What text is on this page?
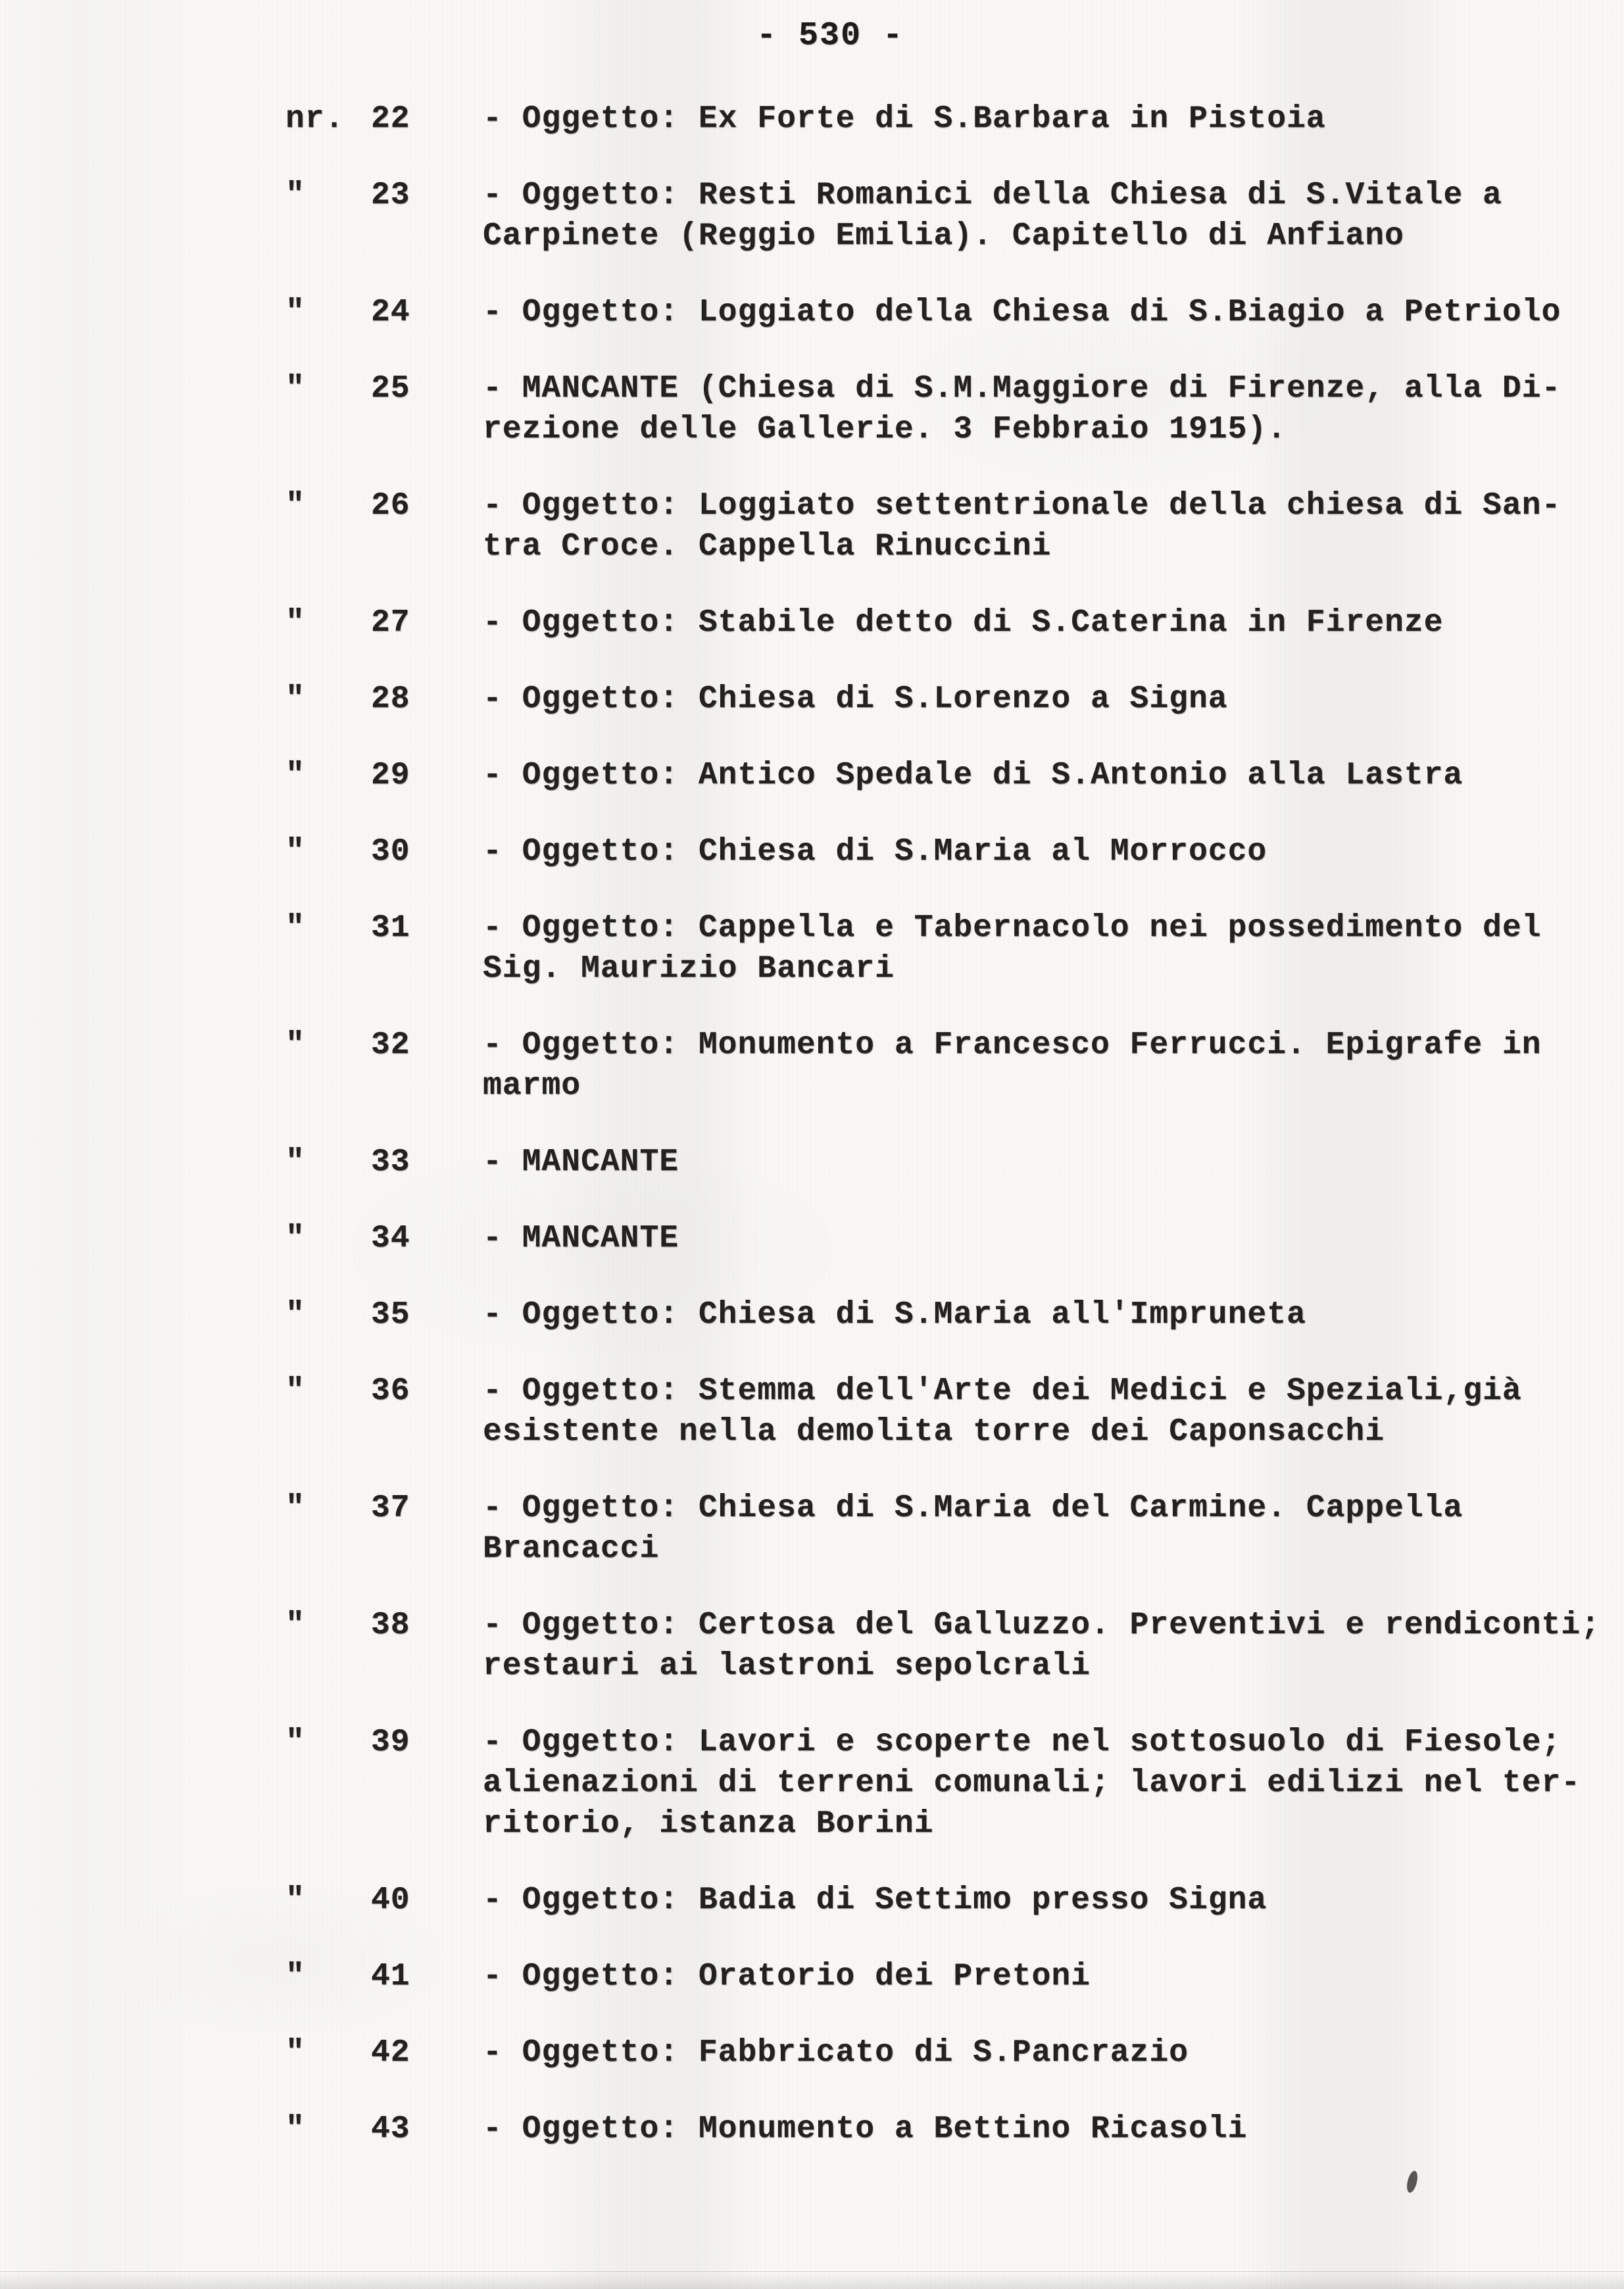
- 530 -
nr. 22	- Oggetto: Ex Forte di S.Barbara in Pistoia
"	23	- Oggetto: Resti Romanici della Chiesa di S.Vitale a
Carpinete (Reggio Emilia). Capitello di Anfiano
"	24	- Oggetto: Loggiato della Chiesa di S.Biagio a Petriolo
"	25	- MANCANTE (Chiesa di S.M.Maggiore di Firenze, alla Di-
rezione delle Gallerie. 3 Febbraio 1915).
"	26	- Oggetto: Loggiato settentrionale della chiesa di San-
tra Croce. Cappella Rinuccini
"	27	- Oggetto: Stabile detto di S.Caterina in Firenze
"	28	- Oggetto: Chiesa di S.Lorenzo a Signa
"	29	- Oggetto: Antico Spedale di S.Antonio alla Lastra
"	30	- Oggetto: Chiesa di S.Maria al Morrocco
"	31	- Oggetto: Cappella e Tabernacolo nei possedimento del
Sig. Maurizio Bancari
"	32	- Oggetto: Monumento a Francesco Ferrucci. Epigrafe in
marmo
"	33	- MANCANTE
"	34	- MANCANTE
"	35	- Oggetto: Chiesa di S.Maria all'Impruneta
"	36	- Oggetto: Stemma dell'Arte dei Medici e Speziali,già
esistente nella demolita torre dei Caponsacchi
"	37	- Oggetto: Chiesa di S.Maria del Carmine. Cappella
Brancacci
"	38	- Oggetto: Certosa del Galluzzo. Preventivi e rendiconti;
restauri ai lastroni sepolcrali
"	39	- Oggetto: Lavori e scoperte nel sottosuolo di Fiesole;
alienazioni di terreni comunali; lavori edilizi nel ter-
ritorio, istanza Borini
"	40	- Oggetto: Badia di Settimo presso Signa
"	41	- Oggetto: Oratorio dei Pretoni
"	42	- Oggetto: Fabbricato di S.Pancrazio
"	43	- Oggetto: Monumento a Bettino Ricasoli
